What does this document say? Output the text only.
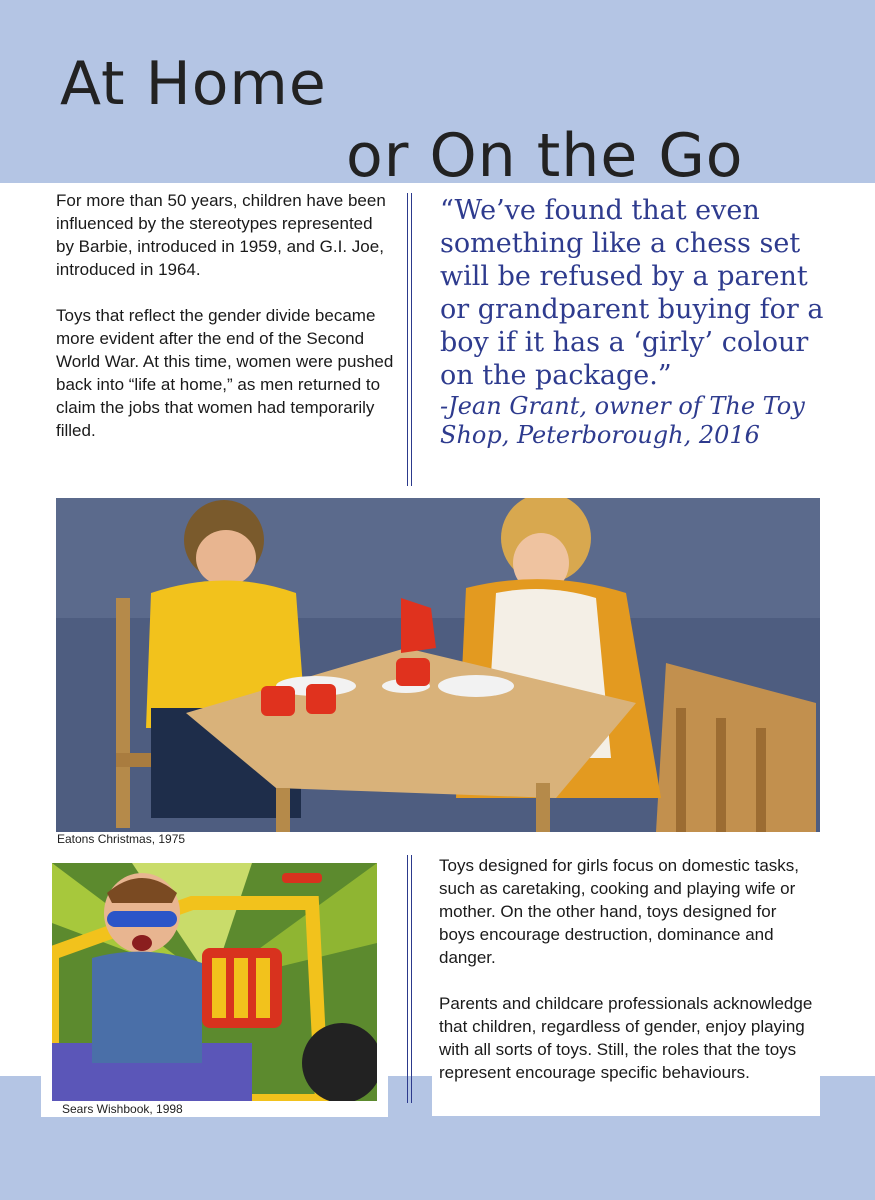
At Home
or On the Go

For more than 50 years, children have been influenced by the stereotypes represented by Barbie, introduced in 1959, and G.I. Joe, introduced in 1964.

Toys that reflect the gender divide became more evident after the end of the Second World War. At this time, women were pushed back into “life at home,” as men returned to claim the jobs that women had temporarily filled.

“We’ve found that even something like a chess set will be refused by a parent or grandparent buying for a boy if it has a ‘girly’ colour on the package.”
-Jean Grant, owner of The Toy Shop, Peterborough, 2016
Eatons Christmas, 1975
Sears Wishbook, 1998

Toys designed for girls focus on domestic tasks, such as caretaking, cooking and playing wife or mother. On the other hand, toys designed for boys encourage destruction, dominance and danger.

Parents and childcare professionals acknowledge that children, regardless of gender, enjoy playing with all sorts of toys. Still, the roles that the toys represent encourage specific behaviours.
